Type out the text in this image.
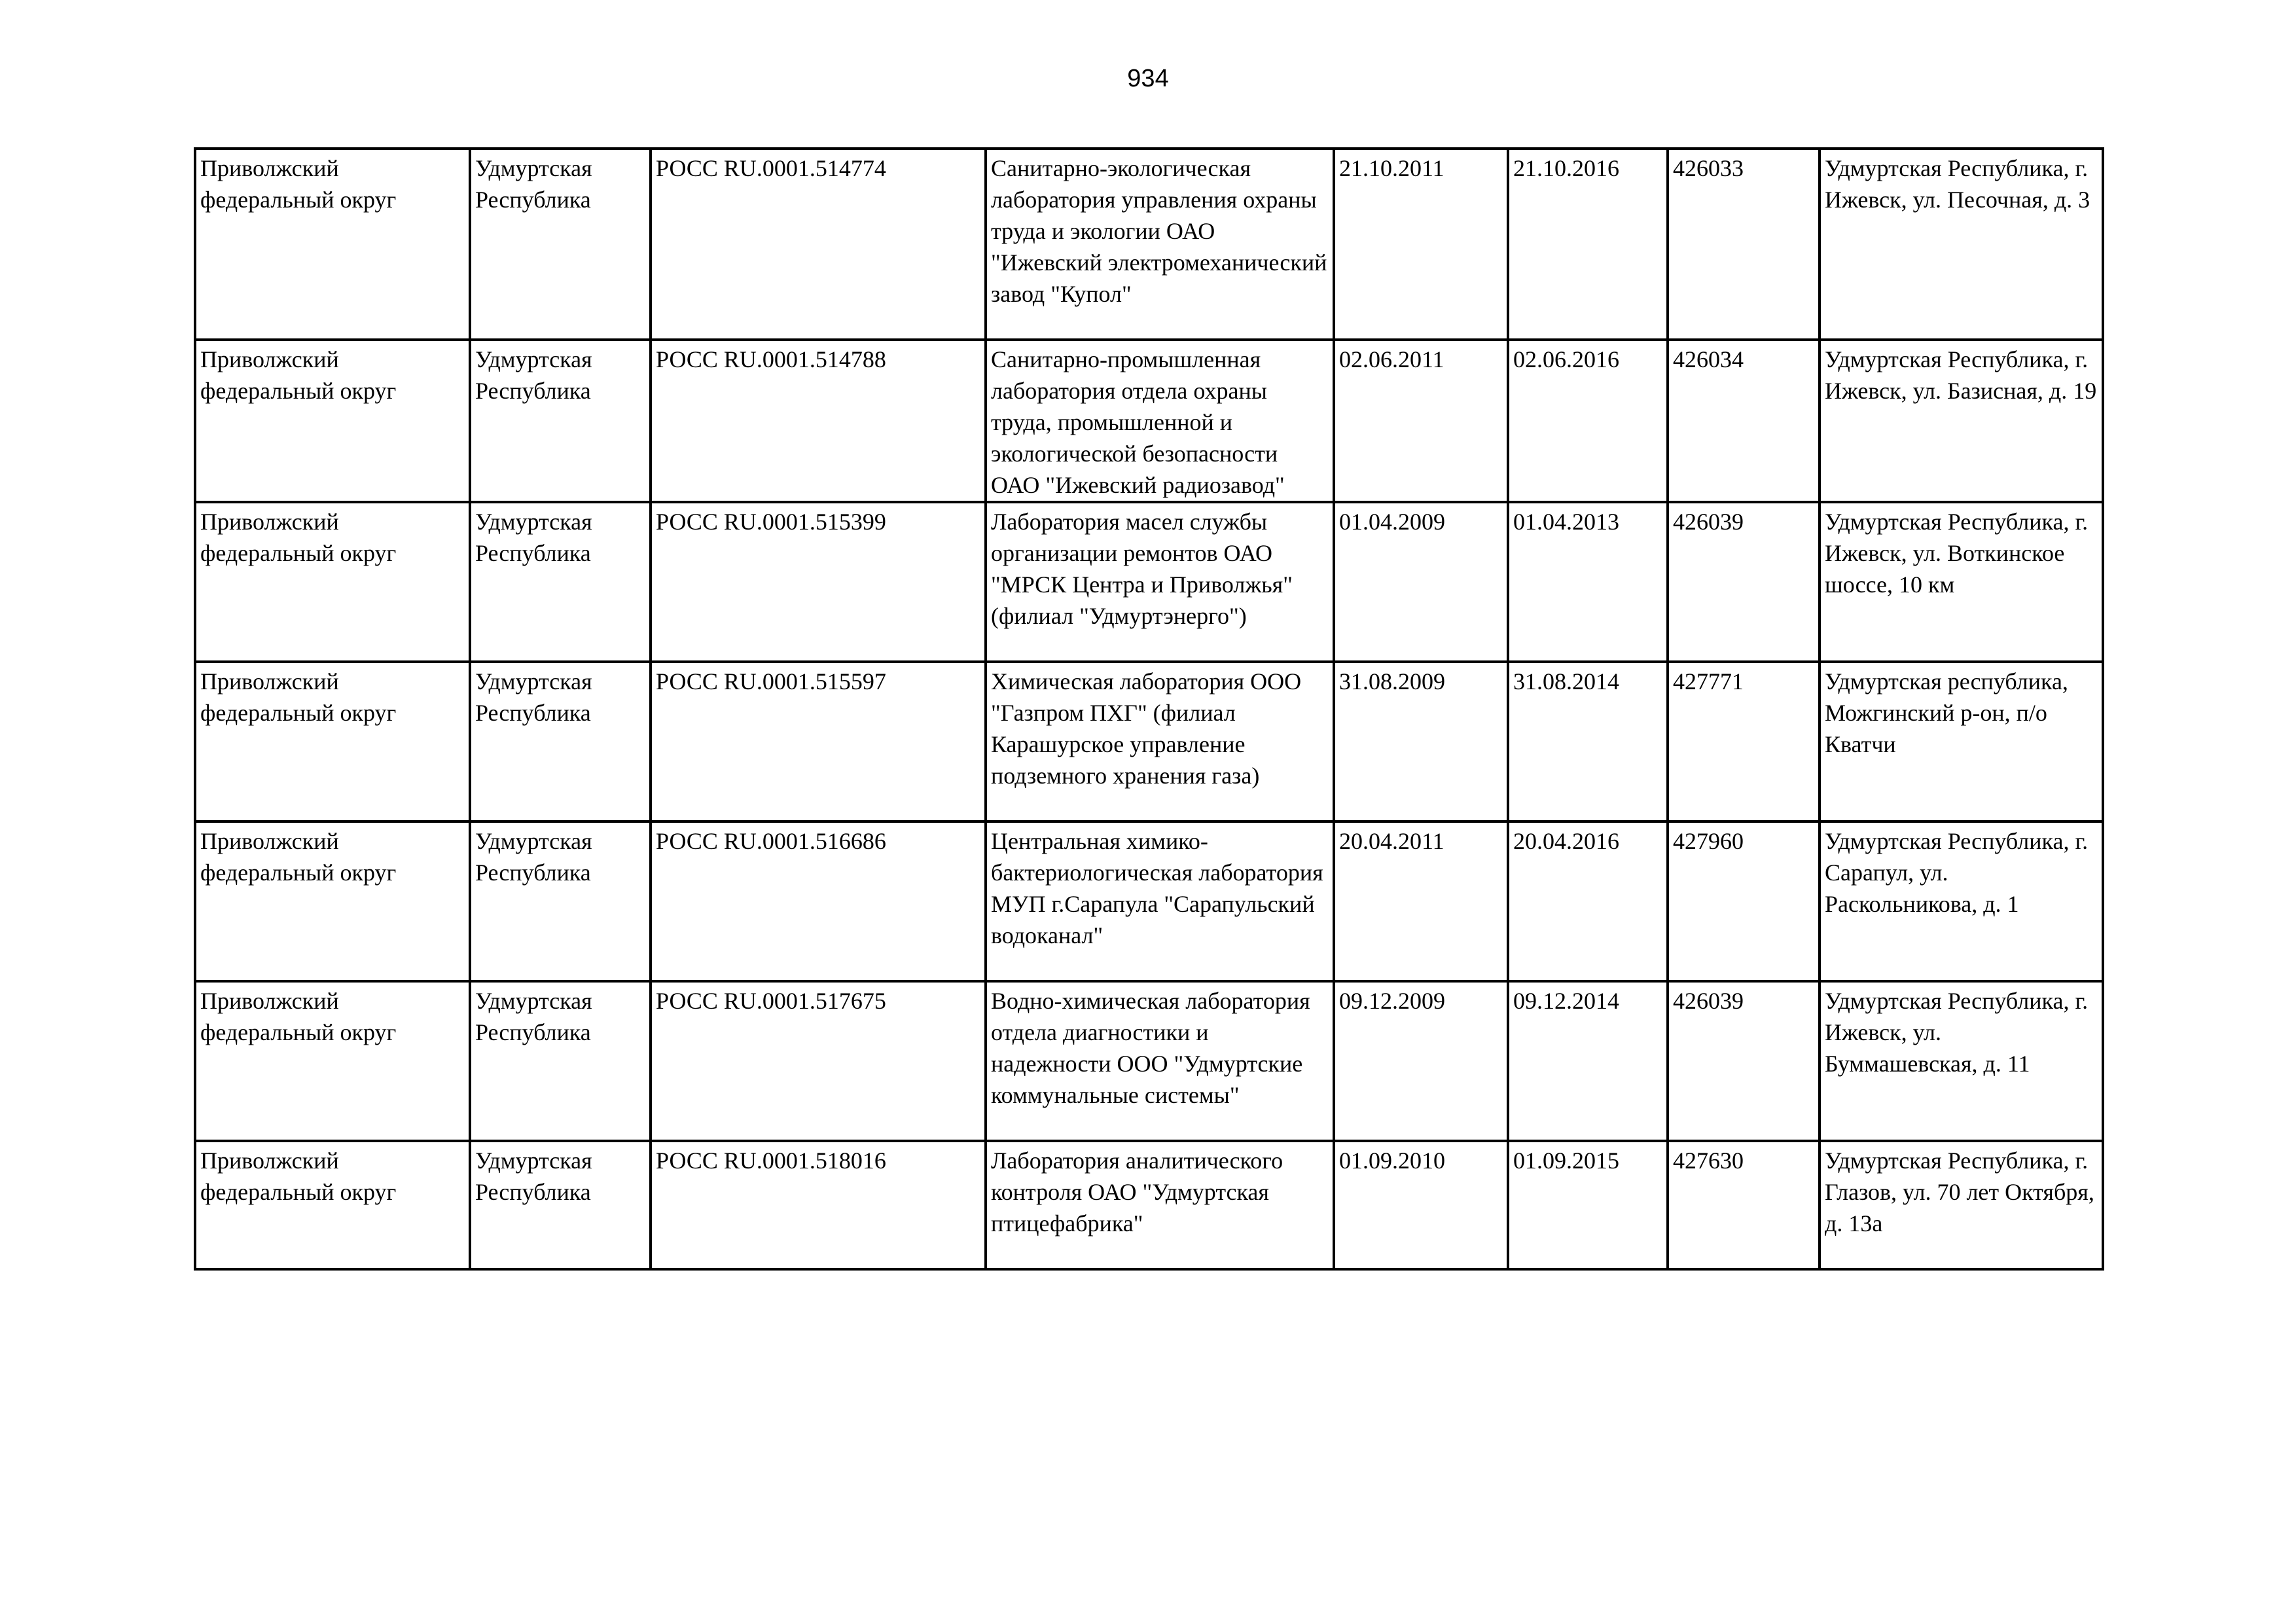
934
Приволжский федеральный округ	Удмуртская Республика	РОСС RU.0001.514774	Санитарно-экологическая лаборатория управления охраны труда и экологии ОАО "Ижевский электромеханический завод "Купол"	21.10.2011	21.10.2016	426033	Удмуртская Республика, г. Ижевск, ул. Песочная, д. 3
Приволжский федеральный округ	Удмуртская Республика	РОСС RU.0001.514788	Санитарно-промышленная лаборатория отдела охраны труда, промышленной и экологической безопасности ОАО "Ижевский радиозавод"	02.06.2011	02.06.2016	426034	Удмуртская Республика, г. Ижевск, ул. Базисная, д. 19
Приволжский федеральный округ	Удмуртская Республика	РОСС RU.0001.515399	Лаборатория масел службы организации ремонтов ОАО "МРСК Центра и Приволжья" (филиал "Удмуртэнерго")	01.04.2009	01.04.2013	426039	Удмуртская Республика, г. Ижевск, ул. Воткинское шоссе, 10 км
Приволжский федеральный округ	Удмуртская Республика	РОСС RU.0001.515597	Химическая лаборатория ООО "Газпром ПХГ" (филиал Карашурское управление подземного хранения газа)	31.08.2009	31.08.2014	427771	Удмуртская республика, Можгинский р-он, п/о Кватчи
Приволжский федеральный округ	Удмуртская Республика	РОСС RU.0001.516686	Центральная химико-бактериологическая лаборатория МУП г.Сарапула "Сарапульский водоканал"	20.04.2011	20.04.2016	427960	Удмуртская Республика, г. Сарапул, ул. Раскольникова, д. 1
Приволжский федеральный округ	Удмуртская Республика	РОСС RU.0001.517675	Водно-химическая лаборатория отдела диагностики и надежности ООО "Удмуртские коммунальные системы"	09.12.2009	09.12.2014	426039	Удмуртская Республика, г. Ижевск, ул. Буммашевская, д. 11
Приволжский федеральный округ	Удмуртская Республика	РОСС RU.0001.518016	Лаборатория аналитического контроля ОАО "Удмуртская птицефабрика"	01.09.2010	01.09.2015	427630	Удмуртская Республика, г. Глазов, ул. 70 лет Октября, д. 13а
